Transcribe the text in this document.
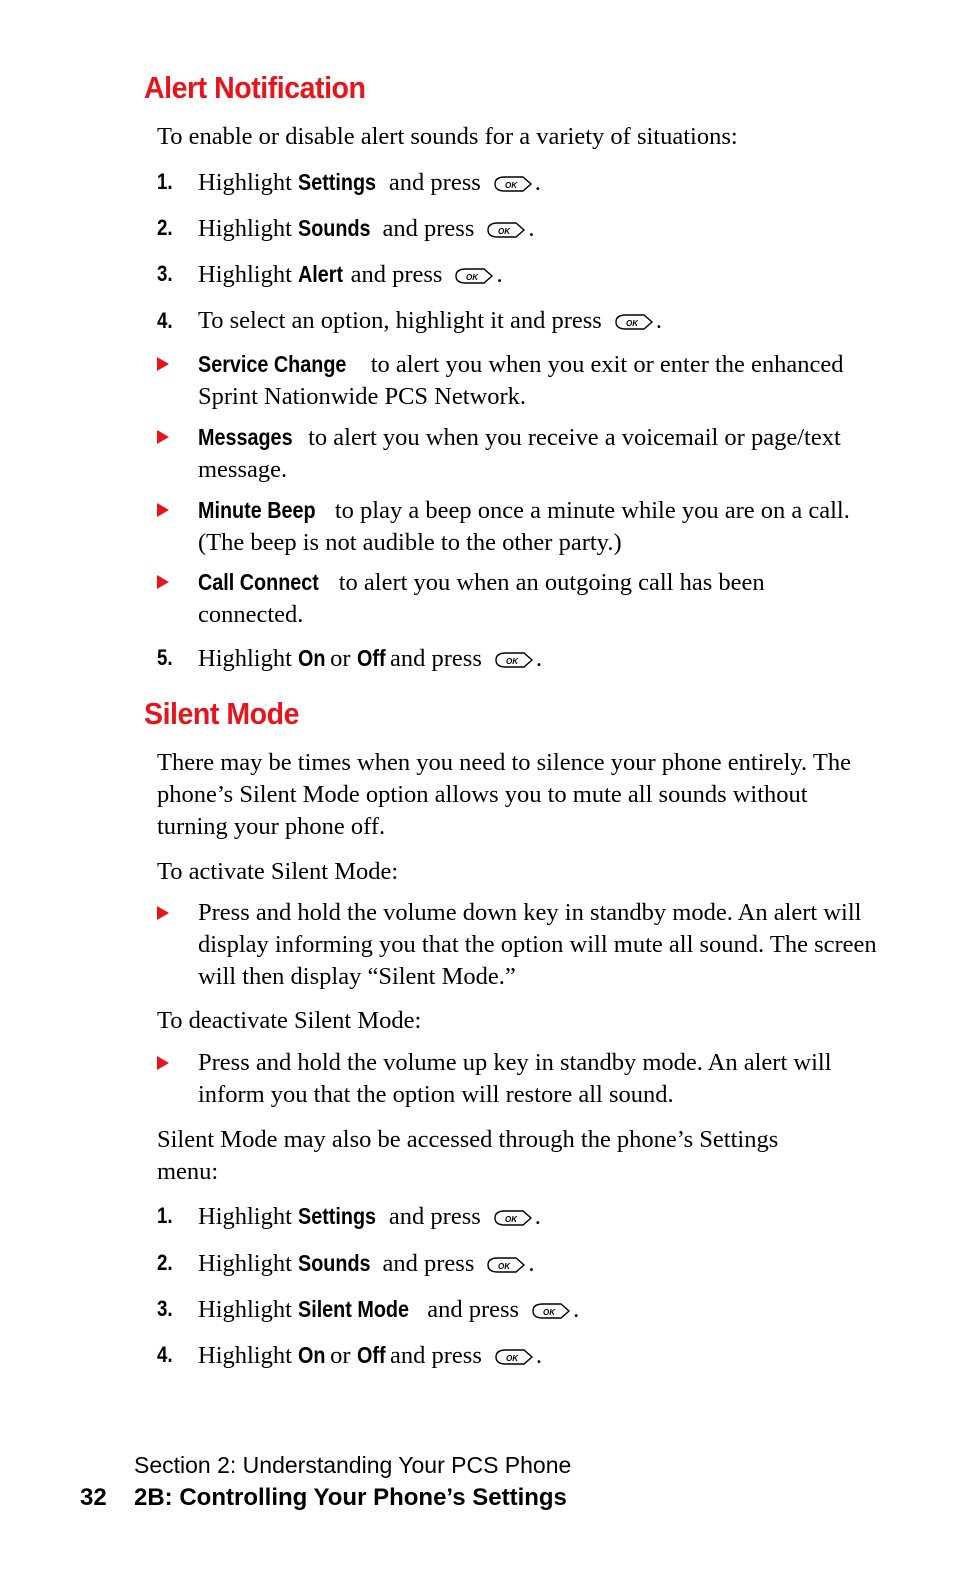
Alert Notification
To enable or disable alert sounds for a variety of situations:
1. Highlight Settings and press	OK .
2. Highlight Sounds and press	OK .
3. Highlight Alert and press	OK .
4. To select an option, highlight it and press	OK .
Service Change to alert you when you exit or enter the enhanced Sprint Nationwide PCS Network.
Messages to alert you when you receive a voicemail or page/text message.
Minute Beep to play a beep once a minute while you are on a call. (The beep is not audible to the other party.)
Call Connect to alert you when an outgoing call has been connected.
5. Highlight On or Off and press	OK .
Silent Mode
There may be times when you need to silence your phone entirely. The phone’s Silent Mode option allows you to mute all sounds without turning your phone off.
To activate Silent Mode:
Press and hold the volume down key in standby mode. An alert will display informing you that the option will mute all sound. The screen will then display “Silent Mode.”
To deactivate Silent Mode:
Press and hold the volume up key in standby mode. An alert will inform you that the option will restore all sound.
Silent Mode may also be accessed through the phone’s Settings menu:
1. Highlight Settings and press	OK .
2. Highlight Sounds and press	OK .
3. Highlight Silent Mode and press	OK .
4. Highlight On or Off and press	OK .
Section 2: Understanding Your PCS Phone
32 2B: Controlling Your Phone’s Settings
